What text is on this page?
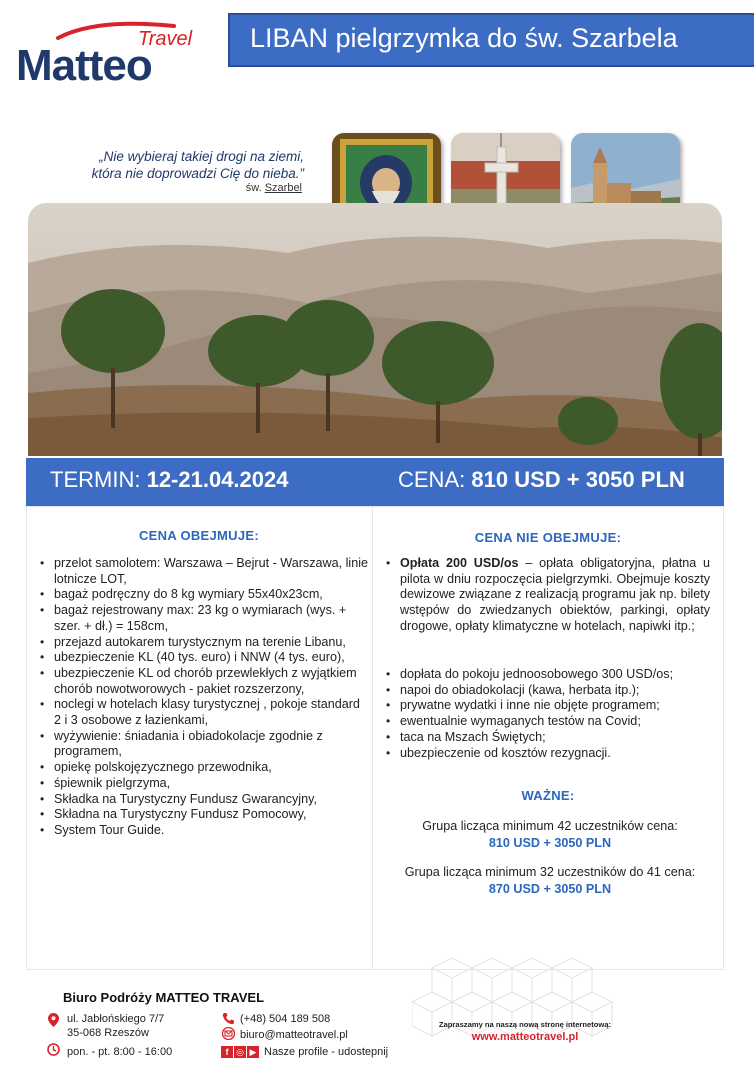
Travel
Matteo
LIBAN pielgrzymka do św. Szarbela
„Nie wybieraj takiej drogi na ziemi,
która nie doprowadzi Cię do nieba.”
św. Szarbel
TERMIN: 12-21.04.2024	CENA: 810 USD + 3050 PLN
CENA OBEJMUJE:
• przelot samolotem: Warszawa – Bejrut - Warszawa, linie lotnicze LOT,
• bagaż podręczny do 8 kg wymiary 55x40x23cm,
• bagaż rejestrowany max: 23 kg o wymiarach (wys. + szer. + dł.) = 158cm,
• przejazd autokarem turystycznym na terenie Libanu,
• ubezpieczenie KL (40 tys. euro) i NNW (4 tys. euro),
• ubezpieczenie KL od chorób przewlekłych z wyjątkiem chorób nowotworowych - pakiet rozszerzony,
• noclegi w hotelach klasy turystycznej , pokoje standard 2 i 3 osobowe z łazienkami,
• wyżywienie: śniadania i obiadokolacje zgodnie z programem,
• opiekę polskojęzycznego przewodnika,
• śpiewnik pielgrzyma,
• Składka na Turystyczny Fundusz Gwarancyjny,
• Składna na Turystyczny Fundusz Pomocowy,
• System Tour Guide.
CENA NIE OBEJMUJE:
• Opłata 200 USD/os – opłata obligatoryjna, płatna u pilota w dniu rozpoczęcia pielgrzymki. Obejmuje koszty dewizowe związane z realizacją programu jak np. bilety wstępów do zwiedzanych obiektów, parkingi, opłaty drogowe, opłaty klimatyczne w hotelach, napiwki itp.;
• dopłata do pokoju jednoosobowego 300 USD/os;
• napoi do obiadokolacji (kawa, herbata itp.);
• prywatne wydatki i inne nie objęte programem;
• ewentualnie wymaganych testów na Covid;
• taca na Mszach Świętych;
• ubezpieczenie od kosztów rezygnacji.
WAŻNE:
Grupa licząca minimum 42 uczestników cena:
810 USD + 3050 PLN
Grupa licząca minimum 32 uczestników do 41 cena:
870 USD + 3050 PLN
Biuro Podróży MATTEO TRAVEL
ul. Jabłońskiego 7/7
35-068 Rzeszów
pon. - pt. 8:00 - 16:00
(+48) 504 189 508
biuro@matteotravel.pl
f ◎ ▶ Nasze profile - udostepnij
Zapraszamy na naszą nową stronę internetową:
www.matteotravel.pl
